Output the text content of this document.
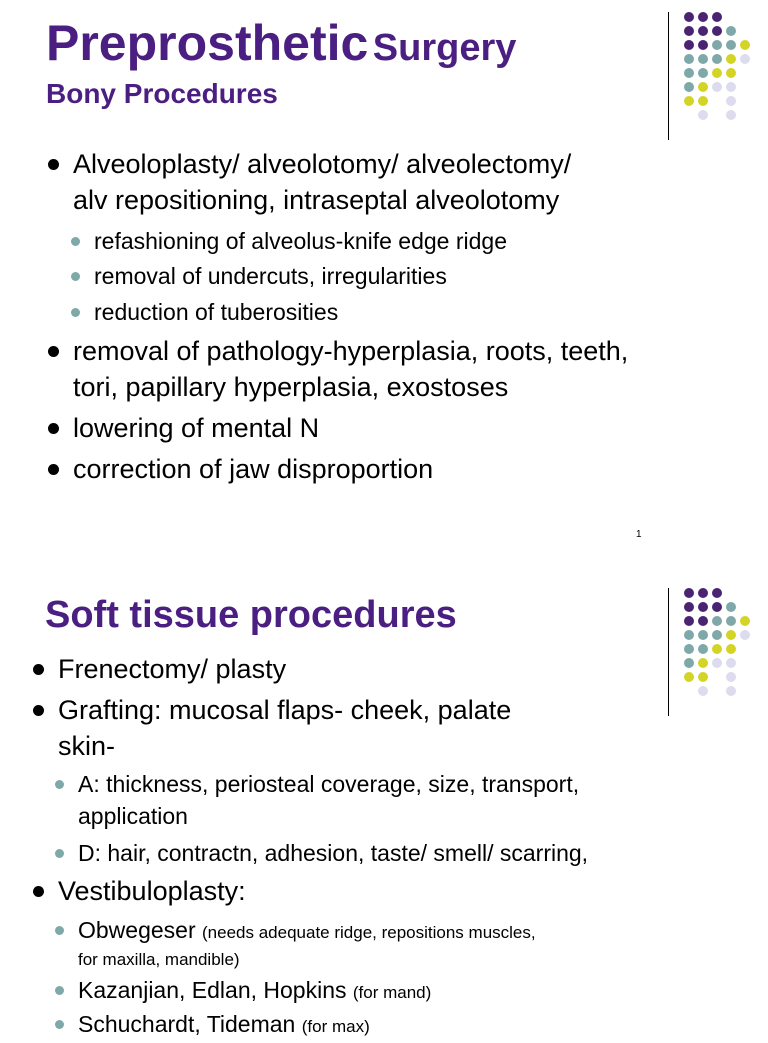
Preprosthetic Surgery
Bony Procedures
Alveoloplasty/ alveolotomy/ alveolectomy/
alv repositioning, intraseptal alveolotomy
refashioning of alveolus-knife edge ridge
removal of undercuts, irregularities
reduction of tuberosities
removal of pathology-hyperplasia, roots, teeth,
tori, papillary hyperplasia, exostoses
lowering of mental N
correction of jaw disproportion
1
Soft tissue procedures
Frenectomy/ plasty
Grafting: mucosal flaps- cheek, palate
skin-
A: thickness, periosteal coverage, size, transport,
application
D: hair, contractn, adhesion, taste/ smell/ scarring,
Vestibuloplasty:
Obwegeser (needs adequate ridge, repositions muscles,
for maxilla, mandible)
Kazanjian, Edlan, Hopkins (for mand)
Schuchardt, Tideman (for max)
